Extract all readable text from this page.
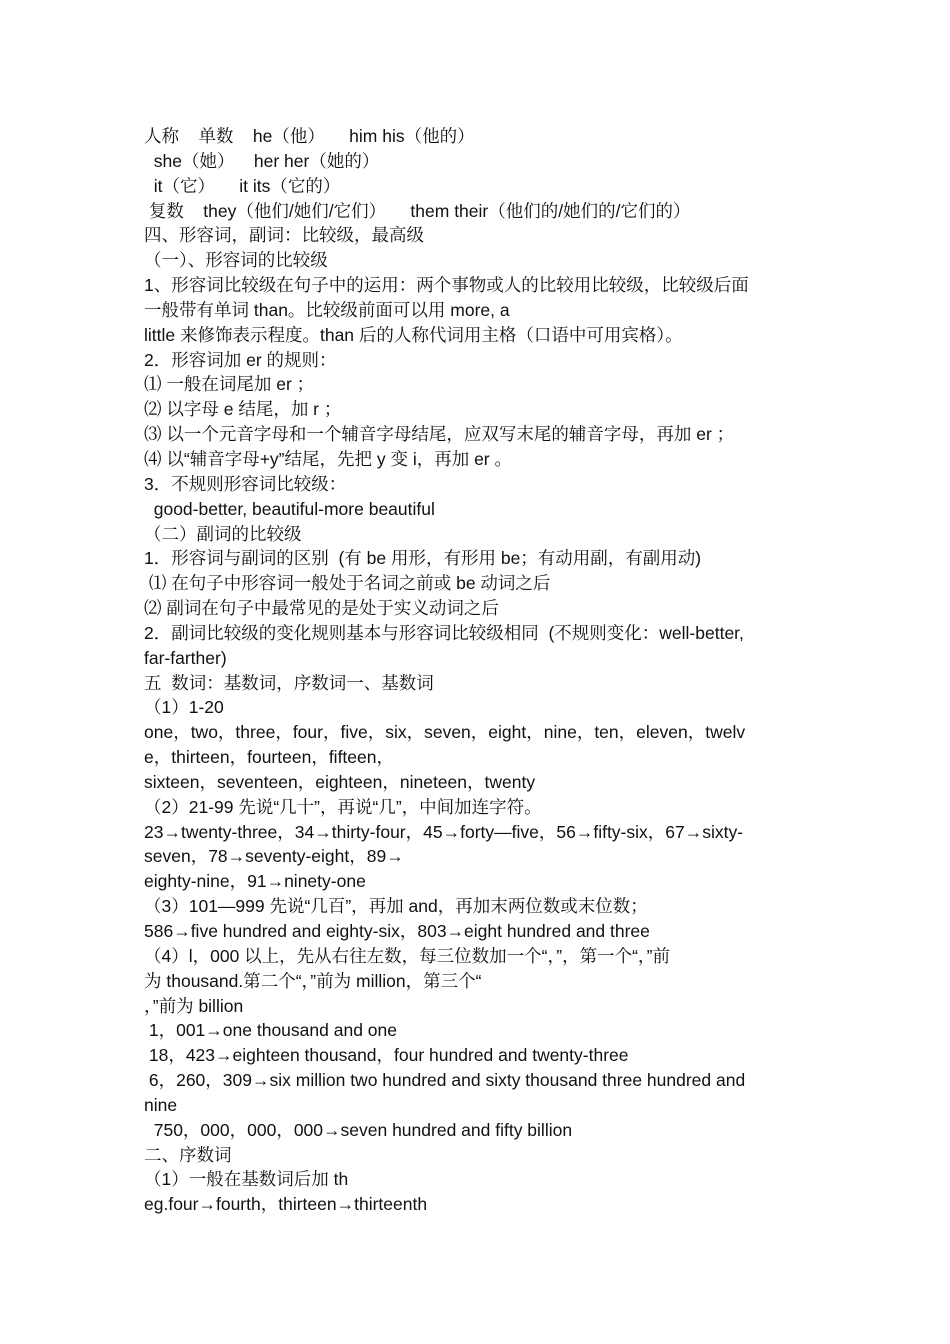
人称    单数    he（他）     him his（他的）
she（她）    her her（她的）
it（它）     it its（它的）
复数    they（他们/她们/它们）     them their（他们的/她们的/它们的）
四、形容词，副词：比较级，最高级
（一）、形容词的比较级
1、形容词比较级在句子中的运用：两个事物或人的比较用比较级，比较级后面
一般带有单词 than。比较级前面可以用 more, a
little 来修饰表示程度。than 后的人称代词用主格（口语中可用宾格）。
2．形容词加 er 的规则：
⑴ 一般在词尾加 er ；
⑵ 以字母 e 结尾，加 r ；
⑶ 以一个元音字母和一个辅音字母结尾，应双写末尾的辅音字母，再加 er ；
⑷ 以“辅音字母+y”结尾，先把 y 变 i，再加 er 。
3．不规则形容词比较级：
good-better, beautiful-more beautiful
（二）副词的比较级
1．形容词与副词的区别  (有 be 用形，有形用 be；有动用副，有副用动)
⑴ 在句子中形容词一般处于名词之前或 be 动词之后
⑵ 副词在句子中最常见的是处于实义动词之后
2．副词比较级的变化规则基本与形容词比较级相同  (不规则变化：well-better,
far-farther)
五  数词：基数词，序数词一、基数词
（1）1-20
one，two，three，four，five，six，seven，eight，nine，ten，eleven，twelv
e，thirteen，fourteen，fifteen，
sixteen，seventeen，eighteen，nineteen，twenty
（2）21-99 先说“几十”，再说“几”，中间加连字符。
23→twenty-three，34→thirty-four，45→forty—five，56→fifty-six，67→sixty-
seven，78→seventy-eight，89→
eighty-nine，91→ninety-one
（3）101—999 先说“几百”，再加 and，再加末两位数或末位数；
586→five hundred and eighty-six，803→eight hundred and three
（4）l，000 以上，先从右往左数，每三位数加一个“，”，第一个“，”前
为 thousand.第二个“，”前为 million，第三个“
，”前为 billion
1，001→one thousand and one
18，423→eighteen thousand，four hundred and twenty-three
6，260，309→six million two hundred and sixty thousand three hundred and
nine
750，000，000，000→seven hundred and fifty billion
二、序数词
（1）一般在基数词后加 th
eg.four→fourth，thirteen→thirteenth
